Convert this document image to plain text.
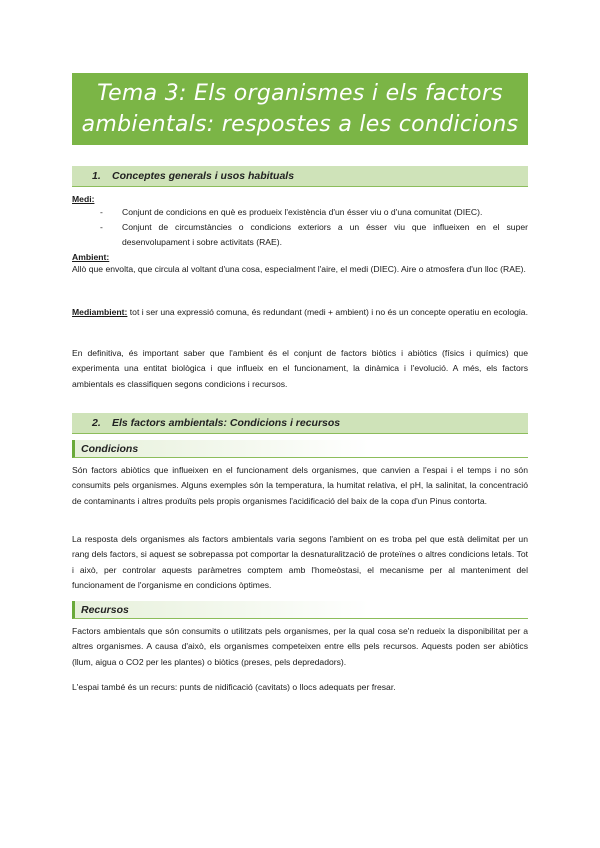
Tema 3: Els organismes i els factors
ambientals: respostes a les condicions
1. Conceptes generals i usos habituals
Medi:
- Conjunt de condicions en què es produeix l'existència d'un ésser viu o d'una comunitat (DIEC).
- Conjunt de circumstàncies o condicions exteriors a un ésser viu que influeixen en el super desenvolupament i sobre activitats (RAE).
Ambient:

Allò que envolta, que circula al voltant d'una cosa, especialment l'aire, el medi (DIEC). Aire o atmosfera d'un lloc (RAE).

Mediambient: tot i ser una expressió comuna, és redundant (medi + ambient) i no és un concepte operatiu en ecologia.

En definitiva, és important saber que l'ambient és el conjunt de factors biòtics i abiòtics (físics i químics) que experimenta una entitat biològica i que influeix en el funcionament, la dinàmica i l'evolució. A més, els factors ambientals es classifiquen segons condicions i recursos.

2. Els factors ambientals: Condicions i recursos
Condicions

Són factors abiòtics que influeixen en el funcionament dels organismes, que canvien a l'espai i el temps i no són consumits pels organismes. Alguns exemples són la temperatura, la humitat relativa, el pH, la salinitat, la concentració de contaminants i altres produïts pels propis organismes l'acidificació del baix de la copa d'un Pinus contorta.

La resposta dels organismes als factors ambientals varia segons l'ambient on es troba pel que està delimitat per un rang dels factors, si aquest se sobrepassa pot comportar la desnaturalització de proteïnes o altres condicions letals. Tot i això, per controlar aquests paràmetres comptem amb l'homeòstasi, el mecanisme per al manteniment del funcionament de l'organisme en condicions òptimes.

Recursos

Factors ambientals que són consumits o utilitzats pels organismes, per la qual cosa se'n redueix la disponibilitat per a altres organismes. A causa d'això, els organismes competeixen entre ells pels recursos. Aquests poden ser abiòtics (llum, aigua o CO2 per les plantes) o biòtics (preses, pels depredadors).

L'espai també és un recurs: punts de nidificació (cavitats) o llocs adequats per fresar.
